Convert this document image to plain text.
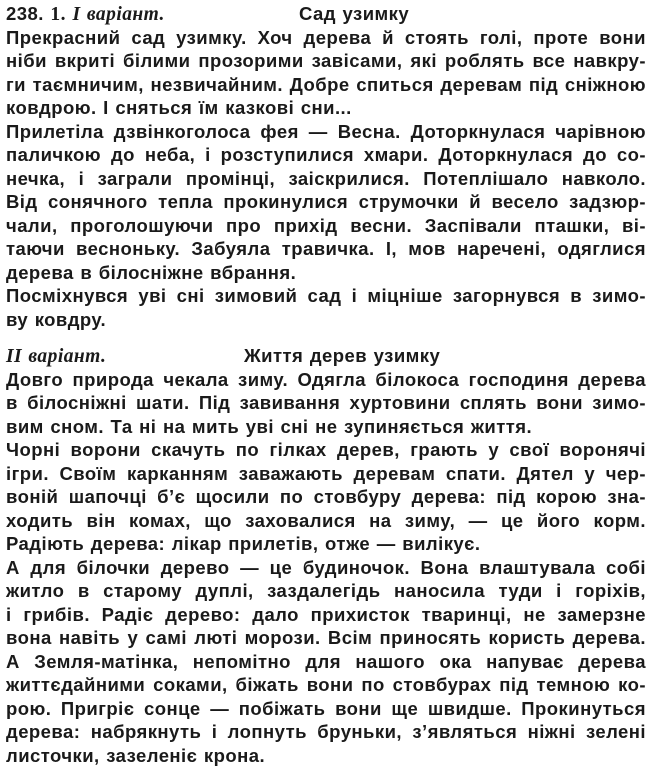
238. 1. І варіант.	Сад узимку

Прекрасний сад узимку. Хоч дерева й стоять голі, проте вони
ніби вкриті білими прозорими завісами, які роблять все навкру-
ги таємничим, незвичайним. Добре спиться деревам під сніжною
ковдрою. І сняться їм казкові сни...

Прилетіла дзвінкоголоса фея — Весна. Доторкнулася чарівною
паличкою до неба, і розступилися хмари. Доторкнулася до со-
нечка, і заграли промінці, заіскрилися. Потеплішало навколо.
Від сонячного тепла прокинулися струмочки й весело задзюр-
чали, проголошуючи про прихід весни. Заспівали пташки, ві-
таючи весноньку. Забуяла травичка. І, мов наречені, одяглися
дерева в білосніжне вбрання.

Посміхнувся уві сні зимовий сад і міцніше загорнувся в зимо-
ву ковдру.

ІІ варіант.	Життя дерев узимку

Довго природа чекала зиму. Одягла білокоса господиня дерева
в білосніжні шати. Під завивання хуртовини сплять вони зимо-
вим сном. Та ні на мить уві сні не зупиняється життя.

Чорні ворони скачуть по гілках дерев, грають у свої воронячі
ігри. Своїм карканням заважають деревам спати. Дятел у чер-
воній шапочці б’є щосили по стовбуру дерева: під корою зна-
ходить він комах, що заховалися на зиму, — це його корм.
Радіють дерева: лікар прилетів, отже — вилікує.

А для білочки дерево — це будиночок. Вона влаштувала собі
житло в старому дуплі, заздалегідь наносила туди і горіхів,
і грибів. Радіє дерево: дало прихисток тваринці, не замерзне
вона навіть у самі люті морози. Всім приносять користь дерева.
А Земля-матінка, непомітно для нашого ока напуває дерева
життєдайними соками, біжать вони по стовбурах під темною ко-
рою. Пригріє сонце — побіжать вони ще швидше. Прокинуться
дерева: набрякнуть і лопнуть бруньки, з’являться ніжні зелені
листочки, зазеленіє крона.

​
